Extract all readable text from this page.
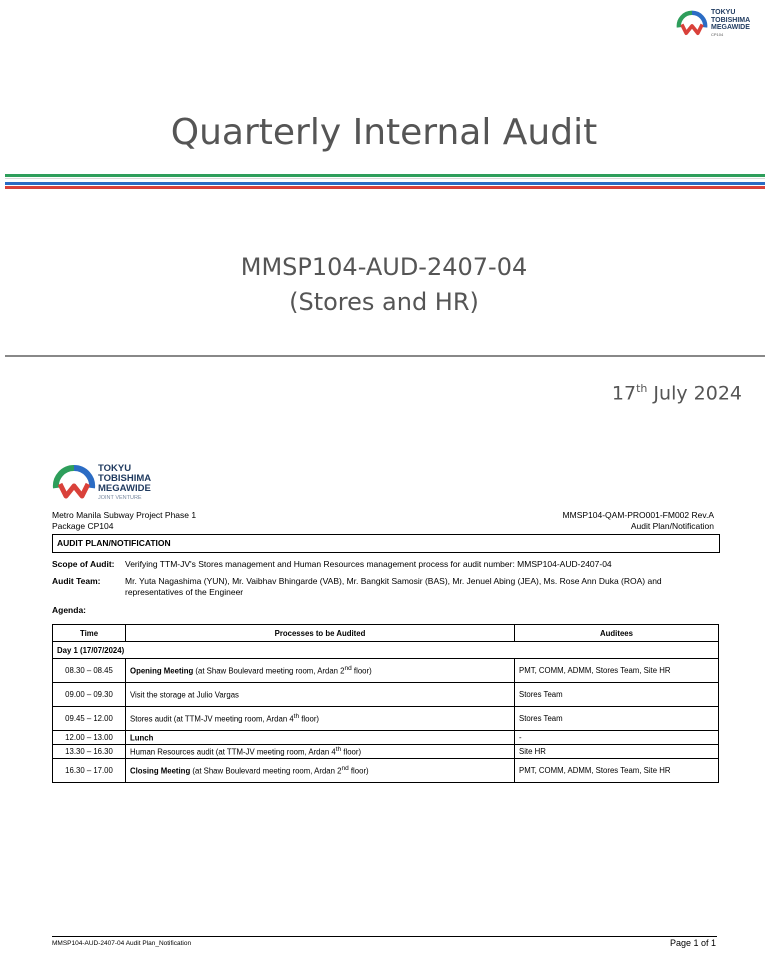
TOKYU
TOBISHIMA
MEGAWIDE
CP104
Quarterly Internal Audit
MMSP104-AUD-2407-04
(Stores and HR)
17th July 2024
TOKYU
TOBISHIMA
MEGAWIDE
JOINT VENTURE
Metro Manila Subway Project Phase 1
Package CP104
MMSP104-QAM-PRO001-FM002 Rev.A
Audit Plan/Notification
AUDIT PLAN/NOTIFICATION
Scope of Audit: Verifying TTM-JV's Stores management and Human Resources management process for audit number: MMSP104-AUD-2407-04
Audit Team:	Mr. Yuta Nagashima (YUN), Mr. Vaibhav Bhingarde (VAB), Mr. Bangkit Samosir (BAS), Mr. Jenuel Abing (JEA), Ms. Rose Ann Duka (ROA) and representatives of the Engineer
Agenda:
Time	Processes to be Audited	Auditees
Day 1 (17/07/2024)		
08.30 – 08.45	Opening Meeting (at Shaw Boulevard meeting room, Ardan 2nd floor)	PMT, COMM, ADMM, Stores Team, Site HR
09.00 – 09.30	Visit the storage at Julio Vargas	Stores Team
09.45 – 12.00	Stores audit (at TTM-JV meeting room, Ardan 4th floor)	Stores Team
12.00 – 13.00	Lunch	-
13.30 – 16.30	Human Resources audit (at TTM-JV meeting room, Ardan 4th floor)	Site HR
16.30 – 17.00	Closing Meeting (at Shaw Boulevard meeting room, Ardan 2nd floor)	PMT, COMM, ADMM, Stores Team, Site HR
MMSP104-AUD-2407-04 Audit Plan_Notification	Page 1 of 1
